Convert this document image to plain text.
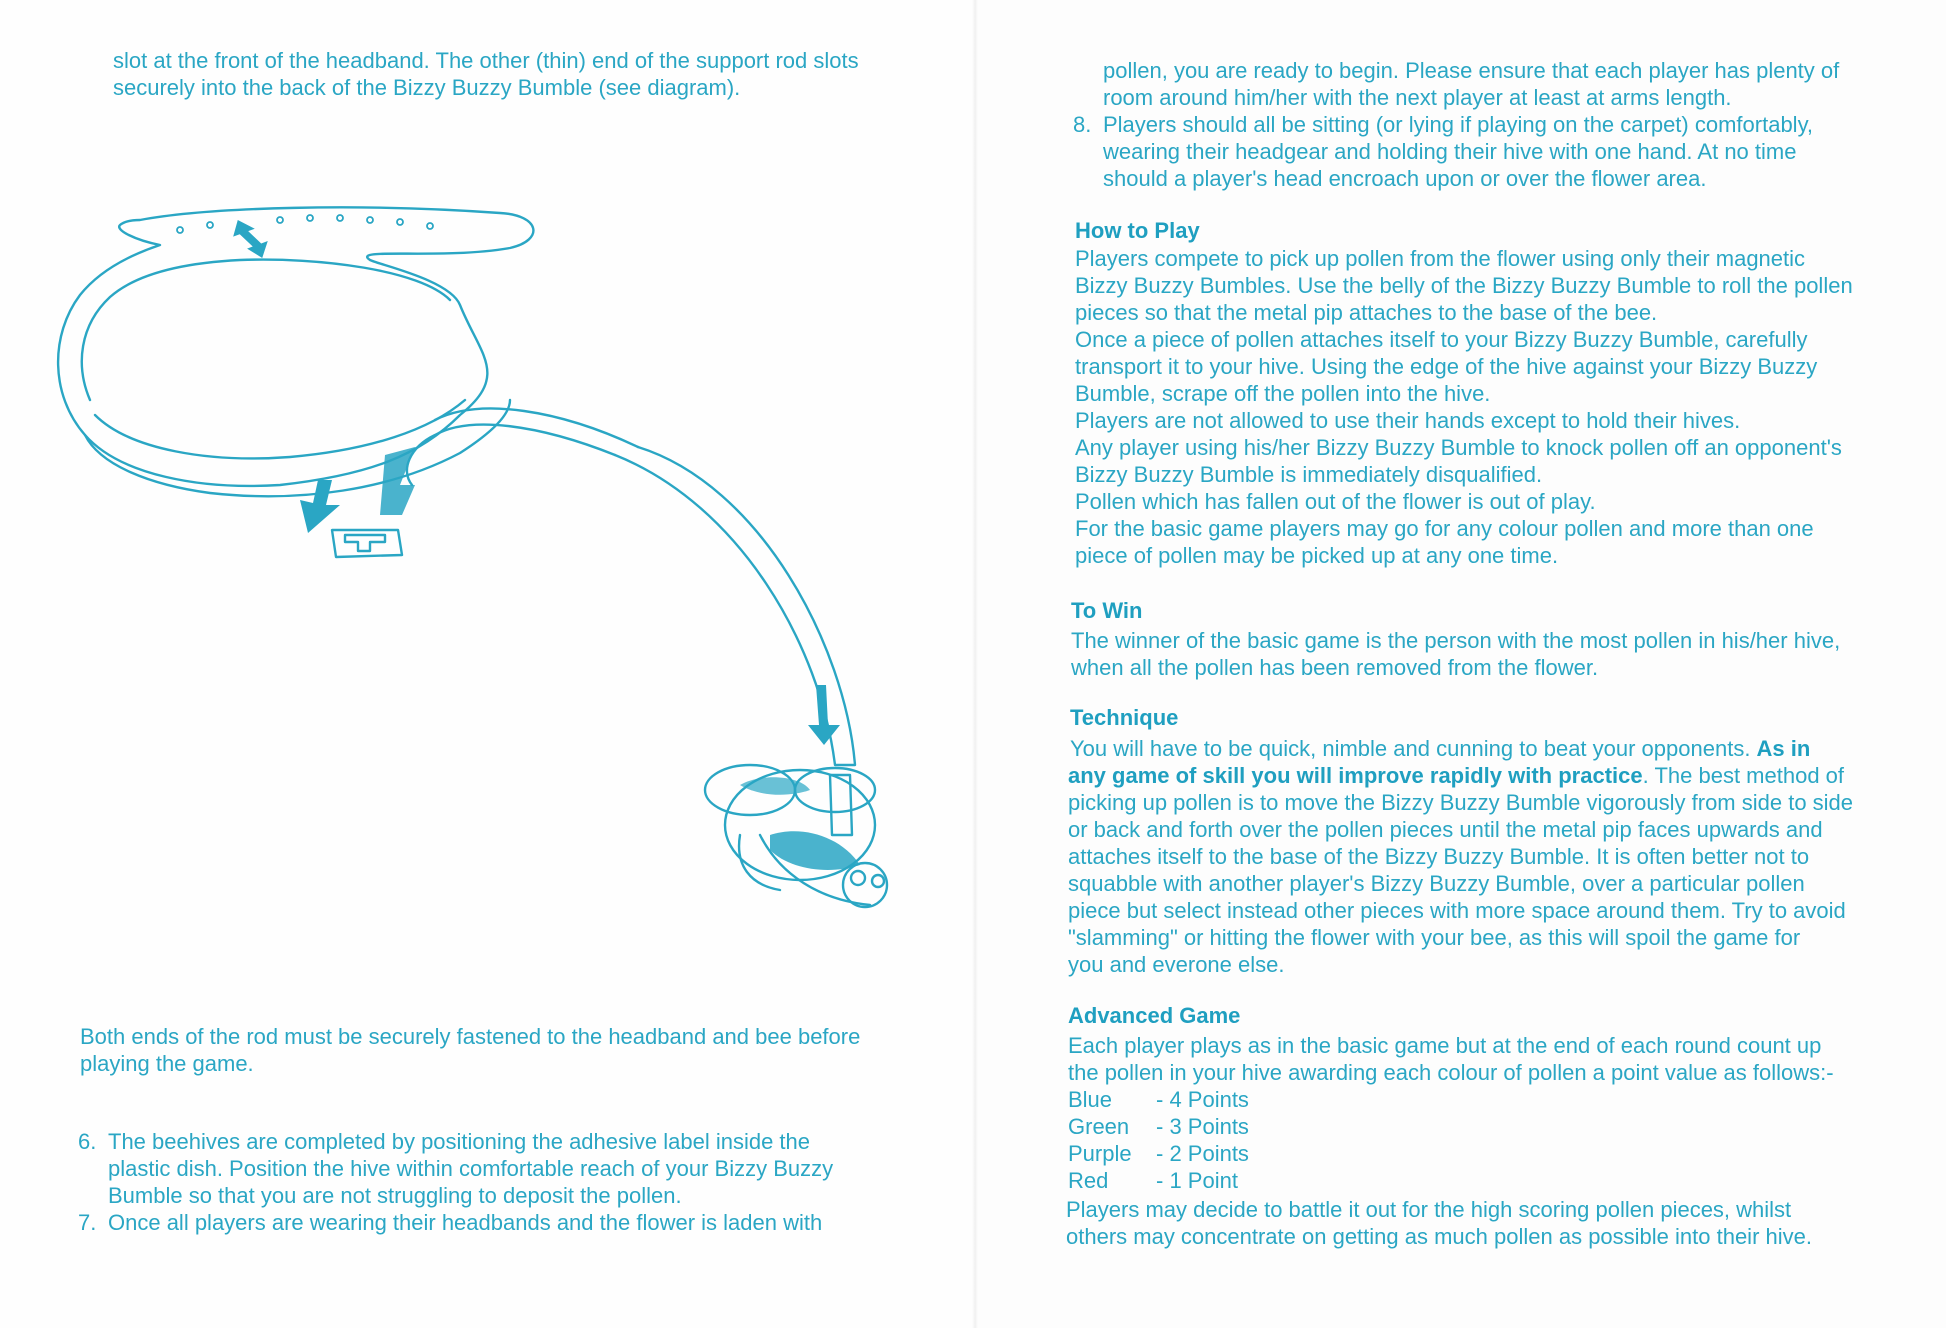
slot at the front of the headband. The other (thin) end of the support rod slots
securely into the back of the Bizzy Buzzy Bumble (see diagram).
Both ends of the rod must be securely fastened to the headband and bee before
playing the game.
6. The beehives are completed by positioning the adhesive label inside the
plastic dish. Position the hive within comfortable reach of your Bizzy Buzzy
Bumble so that you are not struggling to deposit the pollen.
7. Once all players are wearing their headbands and the flower is laden with
pollen, you are ready to begin. Please ensure that each player has plenty of
room around him/her with the next player at least at arms length.
8. Players should all be sitting (or lying if playing on the carpet) comfortably,
wearing their headgear and holding their hive with one hand. At no time
should a player's head encroach upon or over the flower area.
How to Play
Players compete to pick up pollen from the flower using only their magnetic
Bizzy Buzzy Bumbles. Use the belly of the Bizzy Buzzy Bumble to roll the pollen
pieces so that the metal pip attaches to the base of the bee.
Once a piece of pollen attaches itself to your Bizzy Buzzy Bumble, carefully
transport it to your hive. Using the edge of the hive against your Bizzy Buzzy
Bumble, scrape off the pollen into the hive.
Players are not allowed to use their hands except to hold their hives.
Any player using his/her Bizzy Buzzy Bumble to knock pollen off an opponent's
Bizzy Buzzy Bumble is immediately disqualified.
Pollen which has fallen out of the flower is out of play.
For the basic game players may go for any colour pollen and more than one
piece of pollen may be picked up at any one time.
To Win
The winner of the basic game is the person with the most pollen in his/her hive,
when all the pollen has been removed from the flower.
Technique
You will have to be quick, nimble and cunning to beat your opponents. As in
any game of skill you will improve rapidly with practice. The best method of
picking up pollen is to move the Bizzy Buzzy Bumble vigorously from side to side
or back and forth over the pollen pieces until the metal pip faces upwards and
attaches itself to the base of the Bizzy Buzzy Bumble. It is often better not to
squabble with another player's Bizzy Buzzy Bumble, over a particular pollen
piece but select instead other pieces with more space around them. Try to avoid
"slamming" or hitting the flower with your bee, as this will spoil the game for
you and everone else.
Advanced Game
Each player plays as in the basic game but at the end of each round count up
the pollen in your hive awarding each colour of pollen a point value as follows:-
Blue	- 4 Points
Green	- 3 Points
Purple	- 2 Points
Red	- 1 Point
Players may decide to battle it out for the high scoring pollen pieces, whilst
others may concentrate on getting as much pollen as possible into their hive.
